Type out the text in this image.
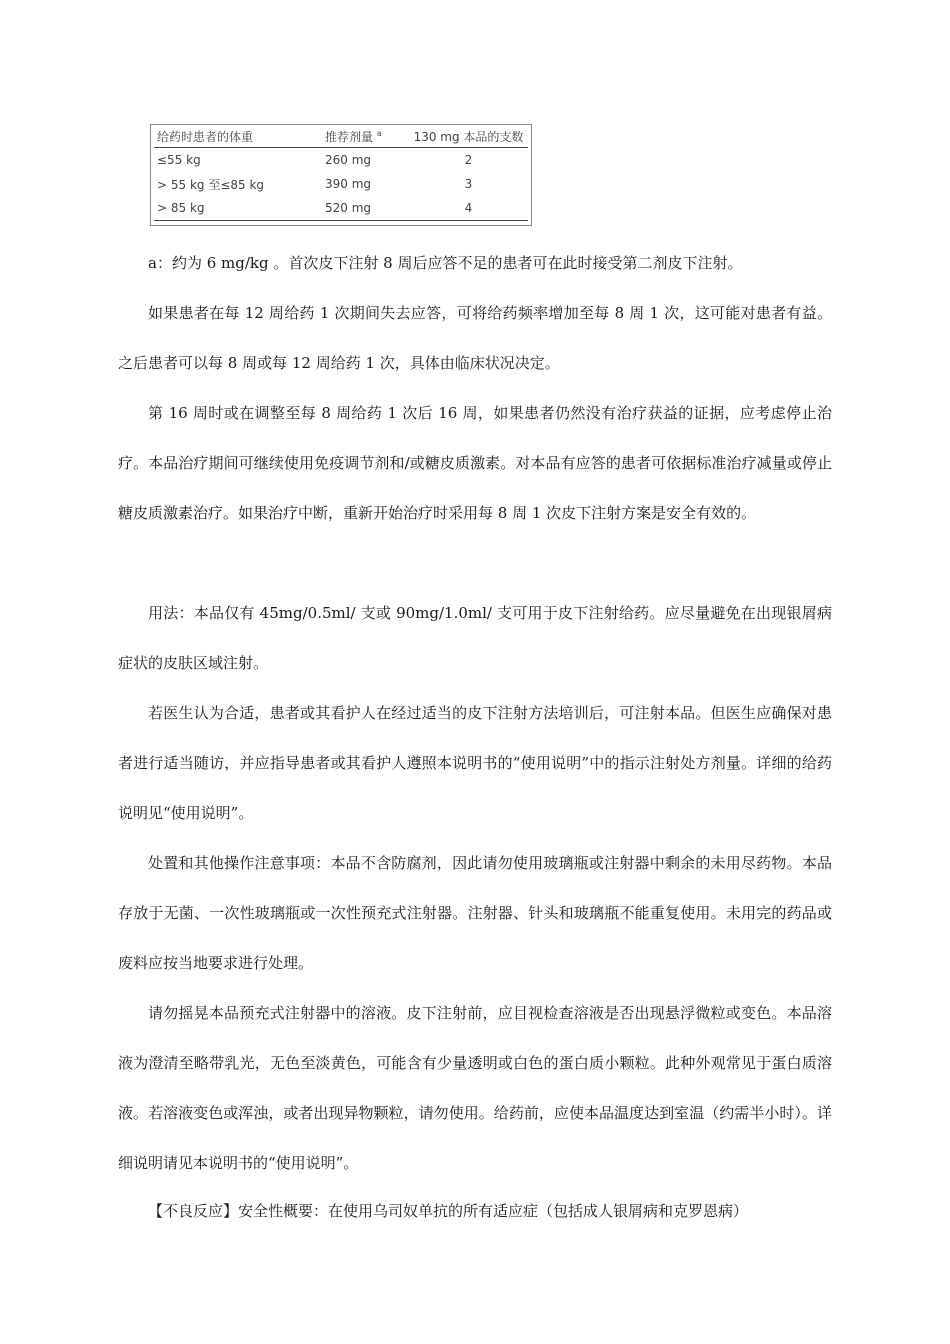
给药时患者的体重	推荐剂量 $^a$	130 mg 本品的支数
≤55 kg	260 mg	2
> 55 kg 至≤85 kg	390 mg	3
> 85 kg	520 mg	4

a：约为 6 mg/kg 。首次皮下注射 8 周后应答不足的患者可在此时接受第二剂皮下注射。

如果患者在每 12 周给药 1 次期间失去应答，可将给药频率增加至每 8 周 1 次，这可能对患者有益。之后患者可以每 8 周或每 12 周给药 1 次，具体由临床状况决定。

第 16 周时或在调整至每 8 周给药 1 次后 16 周，如果患者仍然没有治疗获益的证据，应考虑停止治疗。本品治疗期间可继续使用免疫调节剂和/或糖皮质激素。对本品有应答的患者可依据标准治疗减量或停止糖皮质激素治疗。如果治疗中断，重新开始治疗时采用每 8 周 1 次皮下注射方案是安全有效的。

用法：本品仅有 45mg/0.5ml/ 支或 90mg/1.0ml/ 支可用于皮下注射给药。应尽量避免在出现银屑病症状的皮肤区域注射。

若医生认为合适，患者或其看护人在经过适当的皮下注射方法培训后，可注射本品。但医生应确保对患者进行适当随访，并应指导患者或其看护人遵照本说明书的“使用说明”中的指示注射处方剂量。详细的给药说明见“使用说明”。

处置和其他操作注意事项：本品不含防腐剂，因此请勿使用玻璃瓶或注射器中剩余的未用尽药物。本品存放于无菌、一次性玻璃瓶或一次性预充式注射器。注射器、针头和玻璃瓶不能重复使用。未用完的药品或废料应按当地要求进行处理。

请勿摇晃本品预充式注射器中的溶液。皮下注射前，应目视检查溶液是否出现悬浮微粒或变色。本品溶液为澄清至略带乳光，无色至淡黄色，可能含有少量透明或白色的蛋白质小颗粒。此种外观常见于蛋白质溶液。若溶液变色或浑浊，或者出现异物颗粒，请勿使用。给药前，应使本品温度达到室温（约需半小时）。详细说明请见本说明书的“使用说明”。

【不良反应】安全性概要：在使用乌司奴单抗的所有适应症（包括成人银屑病和克罗恩病）
